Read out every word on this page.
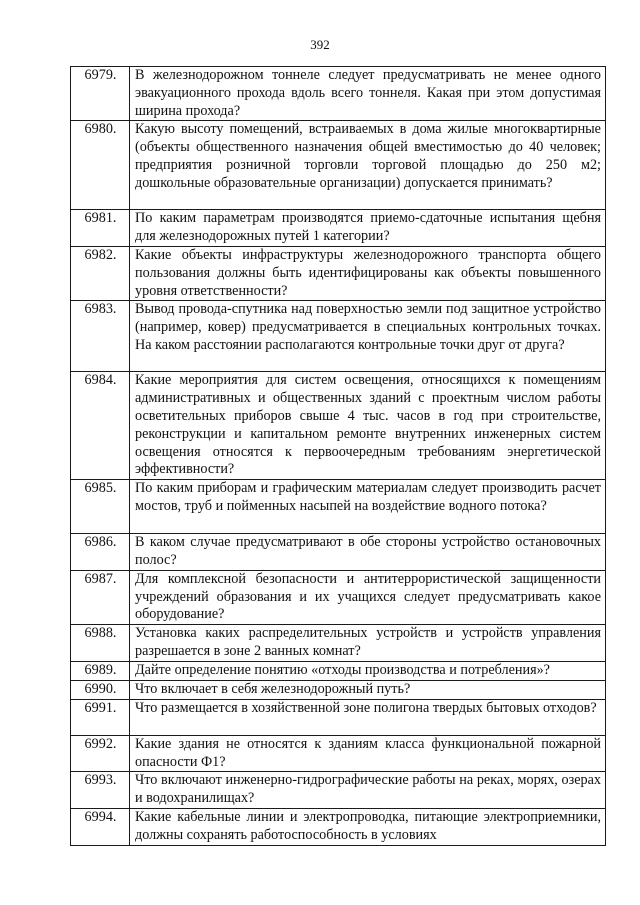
392
6979.	В железнодорожном тоннеле следует предусматривать не менее одного эвакуационного прохода вдоль всего тоннеля. Какая при этом допустимая ширина прохода?
6980.	Какую высоту помещений, встраиваемых в дома жилые многоквартирные (объекты общественного назначения общей вместимостью до 40 человек; предприятия розничной торговли торговой площадью до 250 м2; дошкольные образовательные организации) допускается принимать?
6981.	По каким параметрам производятся приемо-сдаточные испытания щебня для железнодорожных путей 1 категории?
6982.	Какие объекты инфраструктуры железнодорожного транспорта общего пользования должны быть идентифицированы как объекты повышенного уровня ответственности?
6983.	Вывод провода-спутника над поверхностью земли под защитное устройство (например, ковер) предусматривается в специальных контрольных точках. На каком расстоянии располагаются контрольные точки друг от друга?
6984.	Какие мероприятия для систем освещения, относящихся к помещениям административных и общественных зданий с проектным числом работы осветительных приборов свыше 4 тыс. часов в год при строительстве, реконструкции и капитальном ремонте внутренних инженерных систем освещения относятся к первоочередным требованиям энергетической эффективности?
6985.	По каким приборам и графическим материалам следует производить расчет мостов, труб и пойменных насыпей на воздействие водного потока?
6986.	В каком случае предусматривают в обе стороны устройство остановочных полос?
6987.	Для комплексной безопасности и антитеррористической защищенности учреждений образования и их учащихся следует предусматривать какое оборудование?
6988.	Установка каких распределительных устройств и устройств управления разрешается в зоне 2 ванных комнат?
6989.	Дайте определение понятию «отходы производства и потребления»?
6990.	Что включает в себя железнодорожный путь?
6991.	Что размещается в хозяйственной зоне полигона твердых бытовых отходов?
6992.	Какие здания не относятся к зданиям класса функциональной пожарной опасности Ф1?
6993.	Что включают инженерно-гидрографические работы на реках, морях, озерах и водохранилищах?
6994.	Какие кабельные линии и электропроводка, питающие электроприемники, должны сохранять работоспособность в условиях
